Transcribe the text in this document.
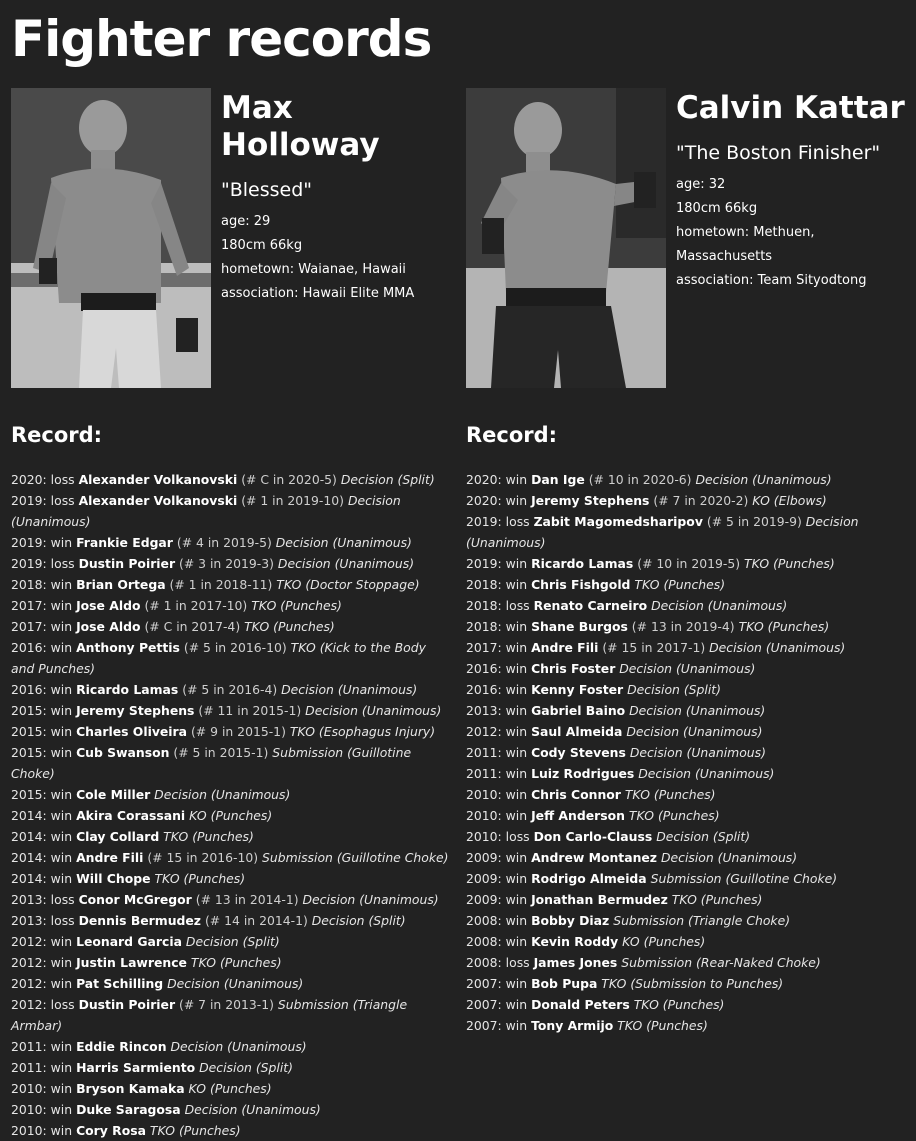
Fighter records
Max Holloway
"Blessed"
age: 29
180cm 66kg
hometown: Waianae, Hawaii
association: Hawaii Elite MMA
Record:
2020: loss Alexander Volkanovski (# C in 2020-5) Decision (Split)
2019: loss Alexander Volkanovski (# 1 in 2019-10) Decision (Unanimous)
2019: win Frankie Edgar (# 4 in 2019-5) Decision (Unanimous)
2019: loss Dustin Poirier (# 3 in 2019-3) Decision (Unanimous)
2018: win Brian Ortega (# 1 in 2018-11) TKO (Doctor Stoppage)
2017: win Jose Aldo (# 1 in 2017-10) TKO (Punches)
2017: win Jose Aldo (# C in 2017-4) TKO (Punches)
2016: win Anthony Pettis (# 5 in 2016-10) TKO (Kick to the Body and Punches)
2016: win Ricardo Lamas (# 5 in 2016-4) Decision (Unanimous)
2015: win Jeremy Stephens (# 11 in 2015-1) Decision (Unanimous)
2015: win Charles Oliveira (# 9 in 2015-1) TKO (Esophagus Injury)
2015: win Cub Swanson (# 5 in 2015-1) Submission (Guillotine Choke)
2015: win Cole Miller Decision (Unanimous)
2014: win Akira Corassani KO (Punches)
2014: win Clay Collard TKO (Punches)
2014: win Andre Fili (# 15 in 2016-10) Submission (Guillotine Choke)
2014: win Will Chope TKO (Punches)
2013: loss Conor McGregor (# 13 in 2014-1) Decision (Unanimous)
2013: loss Dennis Bermudez (# 14 in 2014-1) Decision (Split)
2012: win Leonard Garcia Decision (Split)
2012: win Justin Lawrence TKO (Punches)
2012: win Pat Schilling Decision (Unanimous)
2012: loss Dustin Poirier (# 7 in 2013-1) Submission (Triangle Armbar)
2011: win Eddie Rincon Decision (Unanimous)
2011: win Harris Sarmiento Decision (Split)
2010: win Bryson Kamaka KO (Punches)
2010: win Duke Saragosa Decision (Unanimous)
2010: win Cory Rosa TKO (Punches)
Calvin Kattar
"The Boston Finisher"
age: 32
180cm 66kg
hometown: Methuen, Massachusetts
association: Team Sityodtong
Record:
2020: win Dan Ige (# 10 in 2020-6) Decision (Unanimous)
2020: win Jeremy Stephens (# 7 in 2020-2) KO (Elbows)
2019: loss Zabit Magomedsharipov (# 5 in 2019-9) Decision (Unanimous)
2019: win Ricardo Lamas (# 10 in 2019-5) TKO (Punches)
2018: win Chris Fishgold TKO (Punches)
2018: loss Renato Carneiro Decision (Unanimous)
2018: win Shane Burgos (# 13 in 2019-4) TKO (Punches)
2017: win Andre Fili (# 15 in 2017-1) Decision (Unanimous)
2016: win Chris Foster Decision (Unanimous)
2016: win Kenny Foster Decision (Split)
2013: win Gabriel Baino Decision (Unanimous)
2012: win Saul Almeida Decision (Unanimous)
2011: win Cody Stevens Decision (Unanimous)
2011: win Luiz Rodrigues Decision (Unanimous)
2010: win Chris Connor TKO (Punches)
2010: win Jeff Anderson TKO (Punches)
2010: loss Don Carlo-Clauss Decision (Split)
2009: win Andrew Montanez Decision (Unanimous)
2009: win Rodrigo Almeida Submission (Guillotine Choke)
2009: win Jonathan Bermudez TKO (Punches)
2008: win Bobby Diaz Submission (Triangle Choke)
2008: win Kevin Roddy KO (Punches)
2008: loss James Jones Submission (Rear-Naked Choke)
2007: win Bob Pupa TKO (Submission to Punches)
2007: win Donald Peters TKO (Punches)
2007: win Tony Armijo TKO (Punches)
